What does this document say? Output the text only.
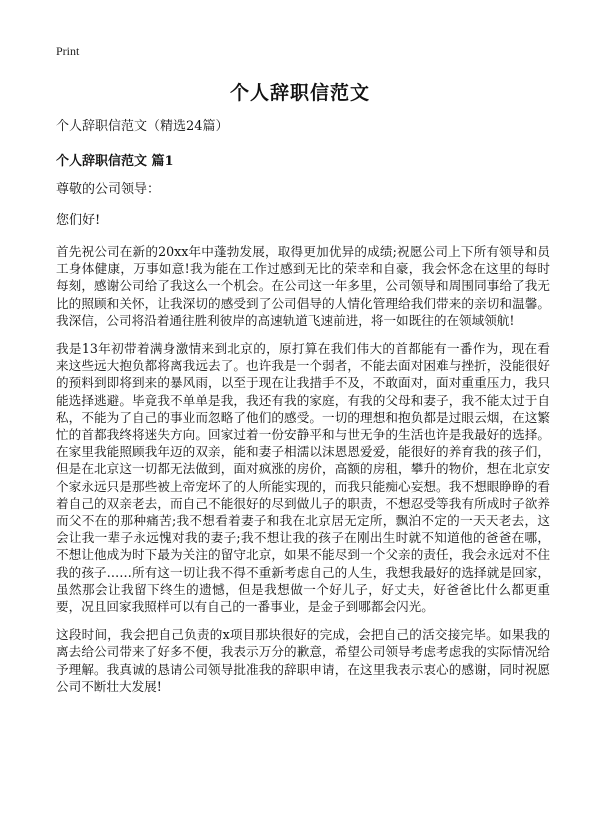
Print
个人辞职信范文

个人辞职信范文（精选24篇）

个人辞职信范文 篇1

尊敬的公司领导：

您们好!

首先祝公司在新的20xx年中蓬勃发展，取得更加优异的成绩;祝愿公司上下所有领导和员工身体健康，万事如意!我为能在工作过感到无比的荣幸和自豪，我会怀念在这里的每时每刻，感谢公司给了我这么一个机会。在公司这一年多里，公司领导和周围同事给了我无比的照顾和关怀，让我深切的感受到了公司倡导的人情化管理给我们带来的亲切和温馨。我深信，公司将沿着通往胜利彼岸的高速轨道飞速前进，将一如既往的在领域领航!

我是13年初带着满身激情来到北京的，原打算在我们伟大的首都能有一番作为，现在看来这些远大抱负都将离我远去了。也许我是一个弱者，不能去面对困难与挫折，没能很好的预料到即将到来的暴风雨，以至于现在让我措手不及，不敢面对，面对重重压力，我只能选择逃避。毕竟我不单单是我，我还有我的家庭，有我的父母和妻子，我不能太过于自私，不能为了自己的事业而忽略了他们的感受。一切的理想和抱负都是过眼云烟，在这繁忙的首都我终将迷失方向。回家过着一份安静平和与世无争的生活也许是我最好的选择。在家里我能照顾我年迈的双亲，能和妻子相濡以沫恩恩爱爱，能很好的养育我的孩子们，但是在北京这一切都无法做到，面对疯涨的房价，高额的房租，攀升的物价，想在北京安个家永远只是那些被上帝宠坏了的人所能实现的，而我只能痴心妄想。我不想眼睁睁的看着自己的双亲老去，而自己不能很好的尽到做儿子的职责，不想忍受等我有所成时子欲养而父不在的那种痛苦;我不想看着妻子和我在北京居无定所，飘泊不定的一天天老去，这会让我一辈子永远愧对我的妻子;我不想让我的孩子在刚出生时就不知道他的爸爸在哪，不想让他成为时下最为关注的留守北京，如果不能尽到一个父亲的责任，我会永远对不住我的孩子……所有这一切让我不得不重新考虑自己的人生，我想我最好的选择就是回家，虽然那会让我留下终生的遗憾，但是我想做一个好儿子，好丈夫，好爸爸比什么都更重要，况且回家我照样可以有自己的一番事业，是金子到哪都会闪光。

这段时间，我会把自己负责的x项目那块很好的完成，会把自己的活交接完毕。如果我的离去给公司带来了好多不便，我表示万分的歉意，希望公司领导考虑考虑我的实际情况给予理解。我真诚的恳请公司领导批准我的辞职申请，在这里我表示衷心的感谢，同时祝愿公司不断壮大发展!
